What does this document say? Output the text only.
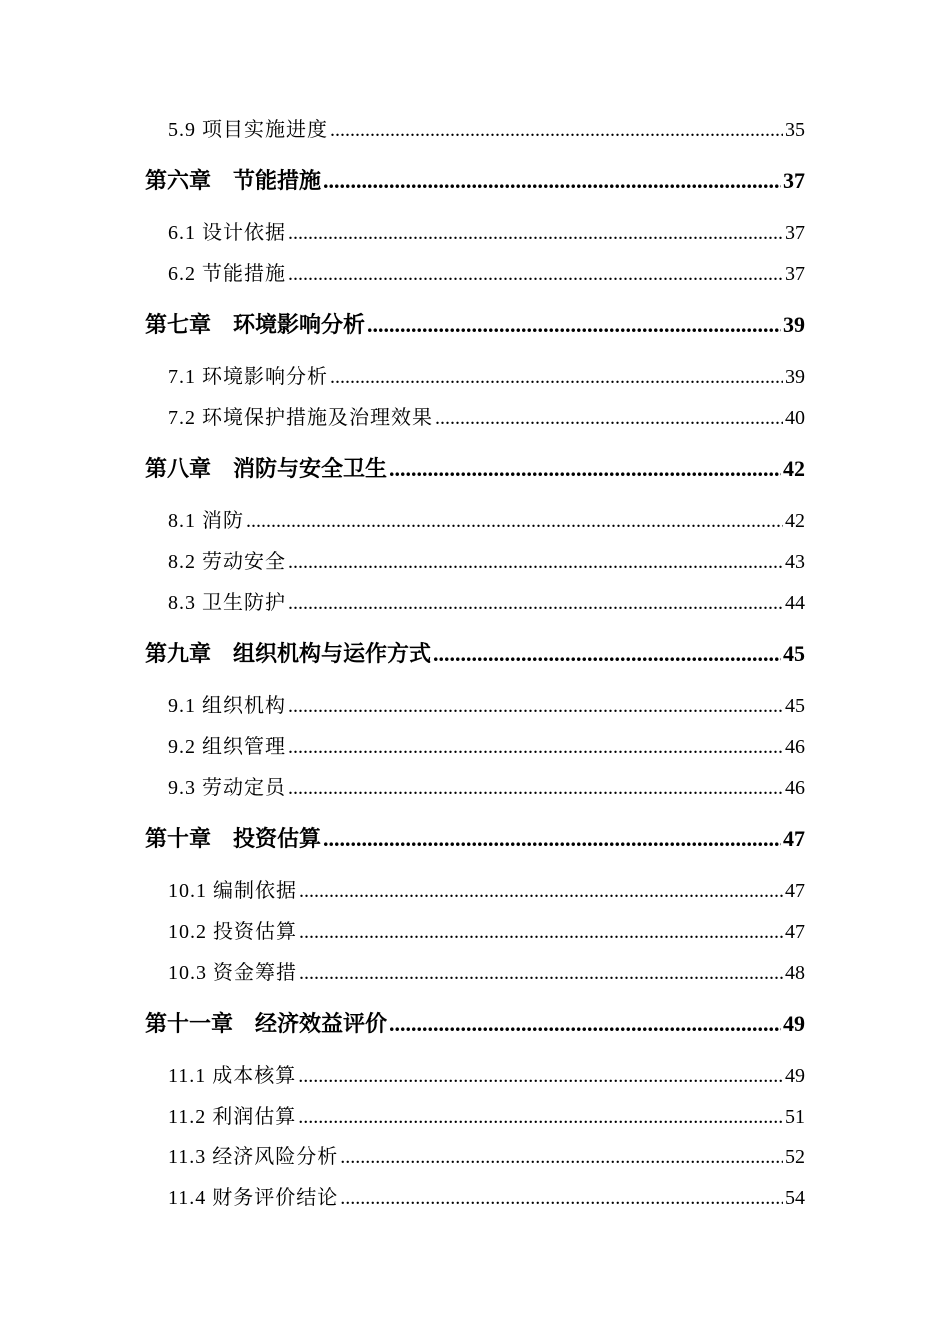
5.9 项目实施进度 .....	35
第六章　节能措施 .....	37
6.1 设计依据 .....	37
6.2 节能措施 .....	37
第七章　环境影响分析 .....	39
7.1 环境影响分析 .....	39
7.2 环境保护措施及治理效果 .....	40
第八章　消防与安全卫生 .....	42
8.1 消防 .....	42
8.2 劳动安全 .....	43
8.3 卫生防护 .....	44
第九章　组织机构与运作方式 .....	45
9.1 组织机构 .....	45
9.2 组织管理 .....	46
9.3 劳动定员 .....	46
第十章　投资估算 .....	47
10.1 编制依据 .....	47
10.2 投资估算 .....	47
10.3 资金筹措 .....	48
第十一章　经济效益评价 .....	49
11.1 成本核算 .....	49
11.2 利润估算 .....	51
11.3 经济风险分析 .....	52
11.4 财务评价结论 .....	54
